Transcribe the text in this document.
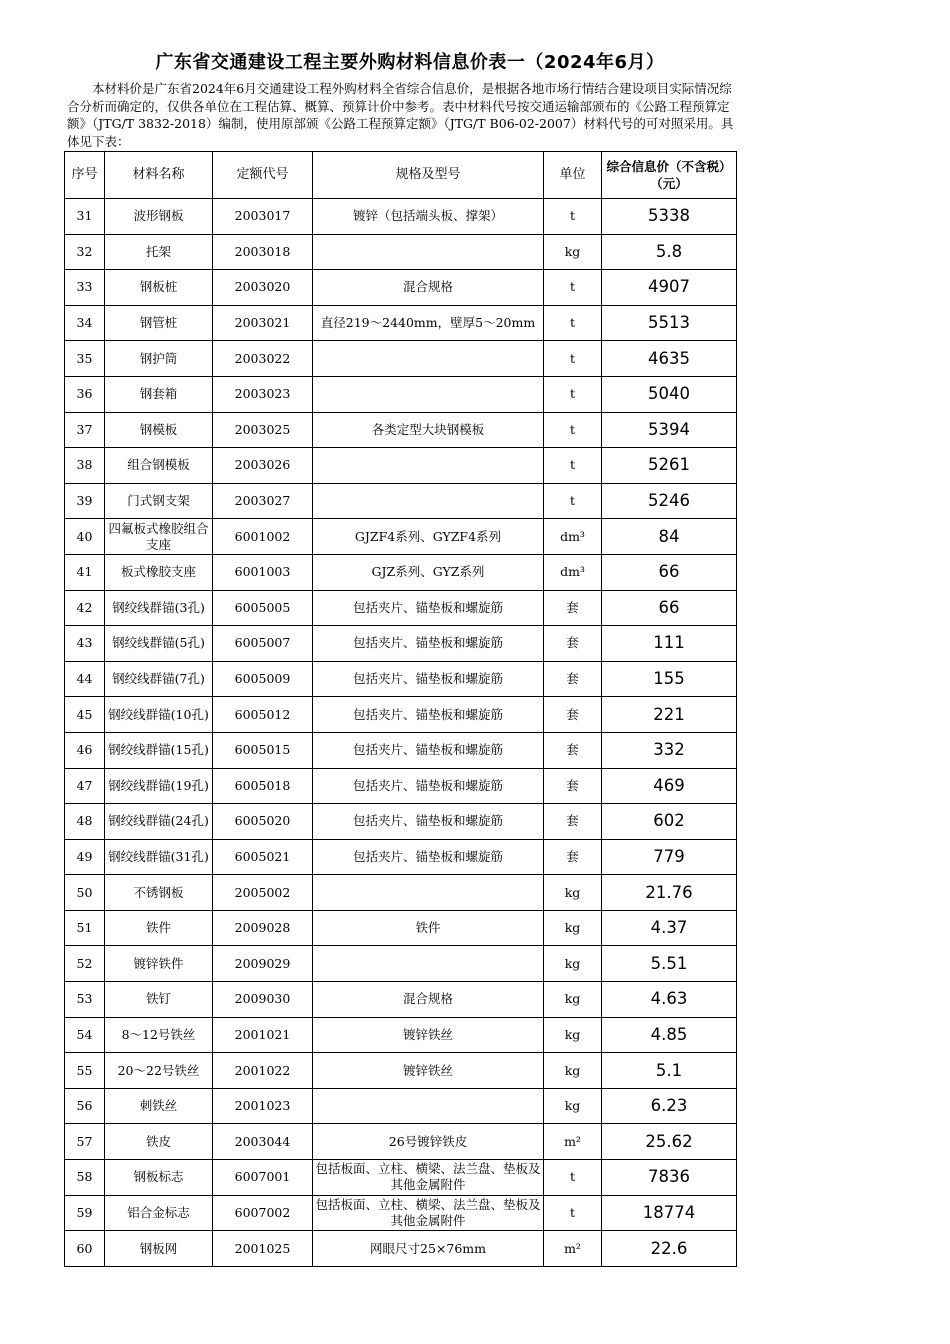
广东省交通建设工程主要外购材料信息价表一（2024年6月）
本材料价是广东省2024年6月交通建设工程外购材料全省综合信息价，是根据各地市场行情结合建设项目实际情况综合分析而确定的，仅供各单位在工程估算、概算、预算计价中参考。表中材料代号按交通运输部颁布的《公路工程预算定额》（JTG/T 3832-2018）编制，使用原部颁《公路工程预算定额》（JTG/T B06-02-2007）材料代号的可对照采用。具体见下表：
序号	材料名称	定额代号	规格及型号	单位	综合信息价（不含税）（元）
31	波形钢板	2003017	镀锌（包括端头板、撑架）	t	5338
32	托架	2003018		kg	5.8
33	钢板桩	2003020	混合规格	t	4907
34	钢管桩	2003021	直径219～2440mm，壁厚5～20mm	t	5513
35	钢护筒	2003022		t	4635
36	钢套箱	2003023		t	5040
37	钢模板	2003025	各类定型大块钢模板	t	5394
38	组合钢模板	2003026		t	5261
39	门式钢支架	2003027		t	5246
40	四氟板式橡胶组合支座	6001002	GJZF4系列、GYZF4系列	dm³	84
41	板式橡胶支座	6001003	GJZ系列、GYZ系列	dm³	66
42	钢绞线群锚(3孔)	6005005	包括夹片、锚垫板和螺旋筋	套	66
43	钢绞线群锚(5孔)	6005007	包括夹片、锚垫板和螺旋筋	套	111
44	钢绞线群锚(7孔)	6005009	包括夹片、锚垫板和螺旋筋	套	155
45	钢绞线群锚(10孔)	6005012	包括夹片、锚垫板和螺旋筋	套	221
46	钢绞线群锚(15孔)	6005015	包括夹片、锚垫板和螺旋筋	套	332
47	钢绞线群锚(19孔)	6005018	包括夹片、锚垫板和螺旋筋	套	469
48	钢绞线群锚(24孔)	6005020	包括夹片、锚垫板和螺旋筋	套	602
49	钢绞线群锚(31孔)	6005021	包括夹片、锚垫板和螺旋筋	套	779
50	不锈钢板	2005002		kg	21.76
51	铁件	2009028	铁件	kg	4.37
52	镀锌铁件	2009029		kg	5.51
53	铁钉	2009030	混合规格	kg	4.63
54	8～12号铁丝	2001021	镀锌铁丝	kg	4.85
55	20～22号铁丝	2001022	镀锌铁丝	kg	5.1
56	刺铁丝	2001023		kg	6.23
57	铁皮	2003044	26号镀锌铁皮	m²	25.62
58	钢板标志	6007001	包括板面、立柱、横梁、法兰盘、垫板及其他金属附件	t	7836
59	铝合金标志	6007002	包括板面、立柱、横梁、法兰盘、垫板及其他金属附件	t	18774
60	钢板网	2001025	网眼尺寸25×76mm	m²	22.6
